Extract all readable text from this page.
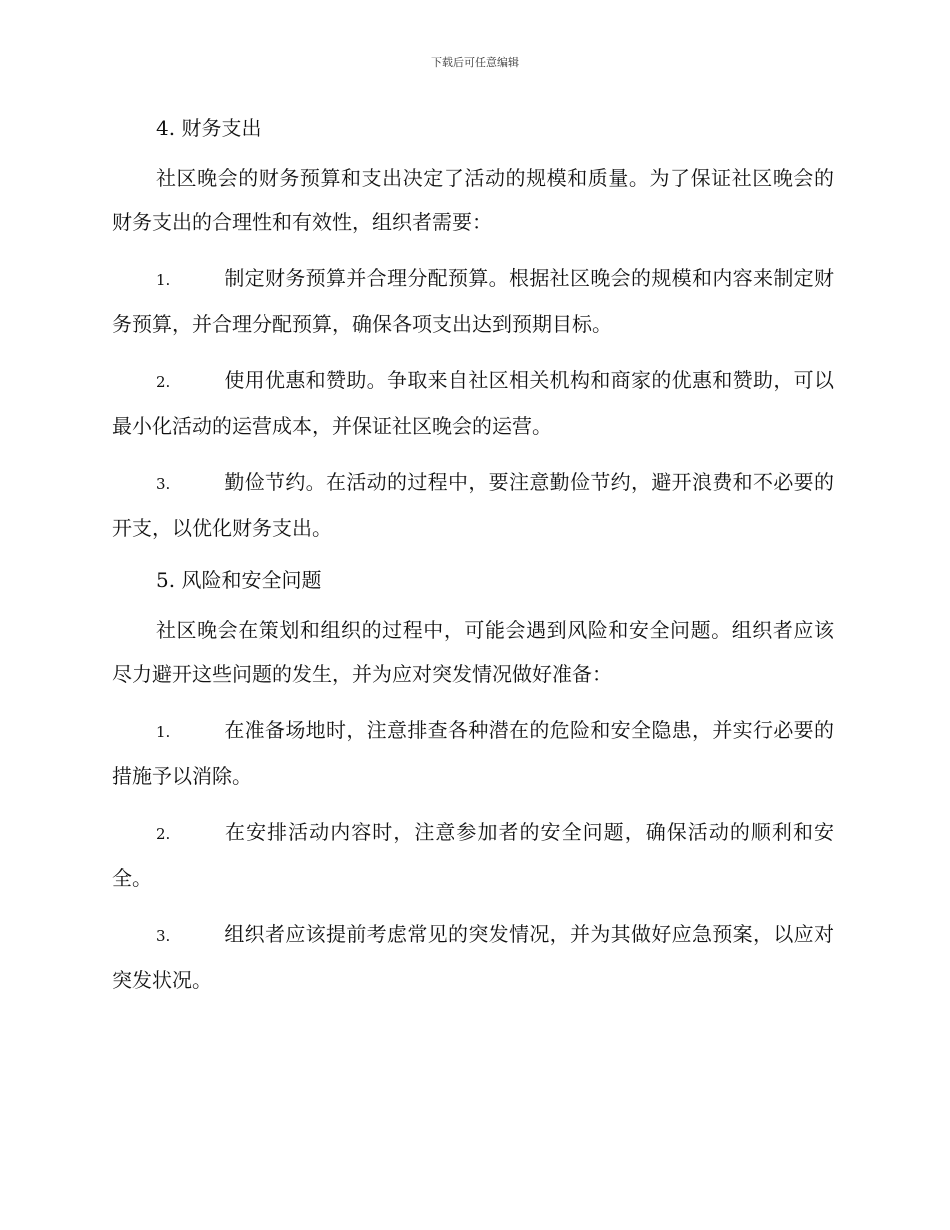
下载后可任意编辑
4. 财务支出

社区晚会的财务预算和支出决定了活动的规模和质量。为了保证社区晚会的财务支出的合理性和有效性，组织者需要：

1.	制定财务预算并合理分配预算。根据社区晚会的规模和内容来制定财务预算，并合理分配预算，确保各项支出达到预期目标。

2.	使用优惠和赞助。争取来自社区相关机构和商家的优惠和赞助，可以最小化活动的运营成本，并保证社区晚会的运营。

3.	勤俭节约。在活动的过程中，要注意勤俭节约，避开浪费和不必要的开支，以优化财务支出。

5. 风险和安全问题

社区晚会在策划和组织的过程中，可能会遇到风险和安全问题。组织者应该尽力避开这些问题的发生，并为应对突发情况做好准备：

1.	在准备场地时，注意排查各种潜在的危险和安全隐患，并实行必要的措施予以消除。

2.	在安排活动内容时，注意参加者的安全问题，确保活动的顺利和安全。

3.	组织者应该提前考虑常见的突发情况，并为其做好应急预案，以应对突发状况。
